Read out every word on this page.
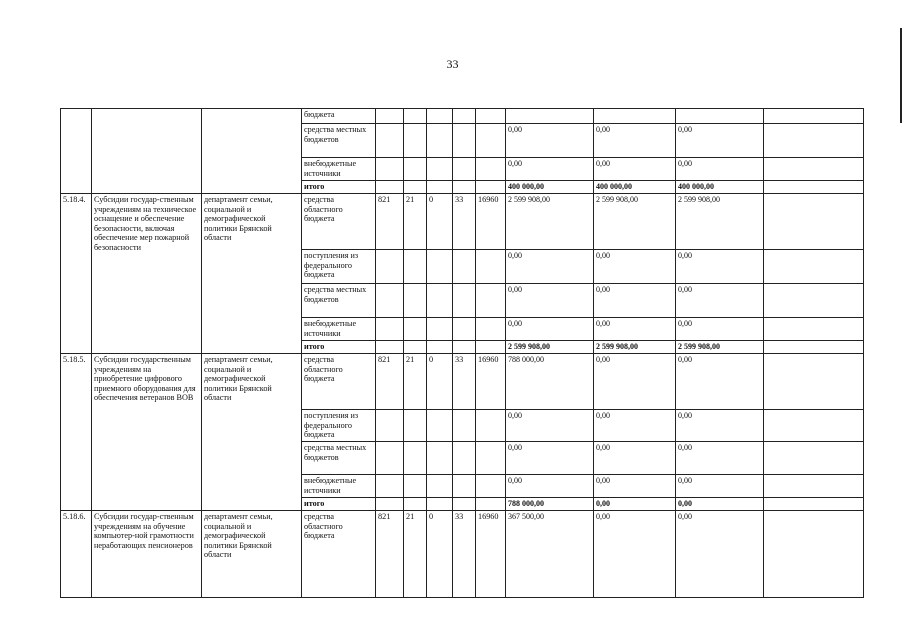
33
			бюджета									
			средства местных бюджетов						0,00	0,00	0,00	
			внебюджетные источники						0,00	0,00	0,00	
			итого						400 000,00	400 000,00	400 000,00	
5.18.4.	Субсидии государ-ственным учреждениям на техническое оснащение и обеспечение безопасности, включая обеспечение мер пожарной безопасности	департамент семьи, социальной и демографической политики Брянской области	средства областного бюджета	821	21	0	33	16960	2 599 908,00	2 599 908,00	2 599 908,00	
			поступления из федерального бюджета						0,00	0,00	0,00	
			средства местных бюджетов						0,00	0,00	0,00	
			внебюджетные источники						0,00	0,00	0,00	
			итого						2 599 908,00	2 599 908,00	2 599 908,00	
5.18.5.	Субсидии государственным учреждениям на приобретение цифрового приемного оборудования для обеспечения ветеранов ВОВ	департамент семьи, социальной и демографической политики Брянской области	средства областного бюджета	821	21	0	33	16960	788 000,00	0,00	0,00	
			поступления из федерального бюджета						0,00	0,00	0,00	
			средства местных бюджетов						0,00	0,00	0,00	
			внебюджетные источники						0,00	0,00	0,00	
			итого						788 000,00	0,00	0,00	
5.18.6.	Субсидии государ-ственным учреждениям на обучение компьютер-ной грамотности неработающих пенсионеров	департамент семьи, социальной и демографической политики Брянской области	средства областного бюджета	821	21	0	33	16960	367 500,00	0,00	0,00	
